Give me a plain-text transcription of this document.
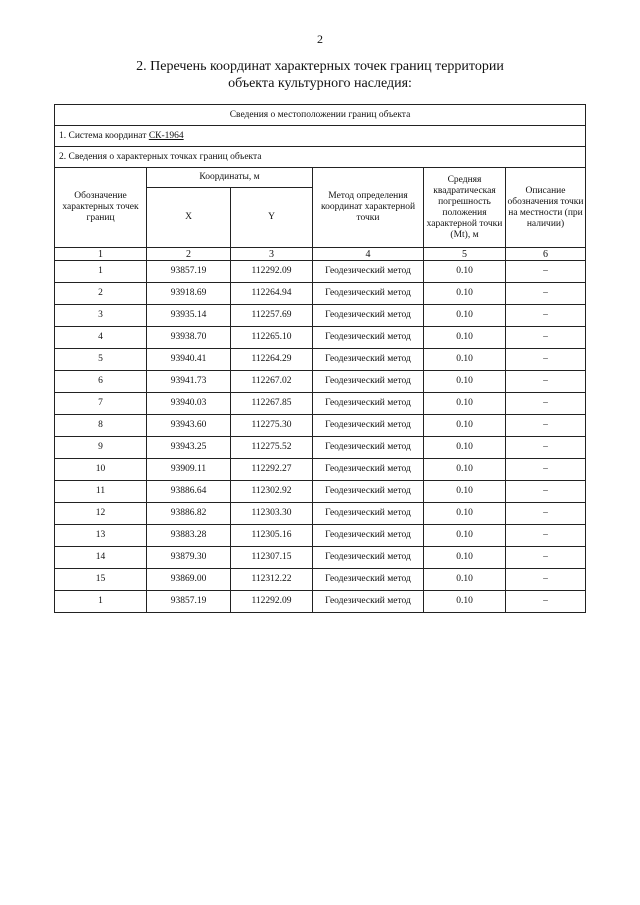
2
2. Перечень координат характерных точек границ территории
объекта культурного наследия:
Сведения о местоположении границ объекта					
1. Система координат СК-1964					
2. Сведения о характерных точках границ объекта					
Обозначение характерных точек границ	Координаты, м		Метод определения координат характерной точки	Средняя квадратическая погрешность положения характерной точки (Mt), м	Описание обозначения точки на местности (при наличии)
	X	Y			
1	2	3	4	5	6
1	93857.19	112292.09	Геодезический метод	0.10	–
2	93918.69	112264.94	Геодезический метод	0.10	–
3	93935.14	112257.69	Геодезический метод	0.10	–
4	93938.70	112265.10	Геодезический метод	0.10	–
5	93940.41	112264.29	Геодезический метод	0.10	–
6	93941.73	112267.02	Геодезический метод	0.10	–
7	93940.03	112267.85	Геодезический метод	0.10	–
8	93943.60	112275.30	Геодезический метод	0.10	–
9	93943.25	112275.52	Геодезический метод	0.10	–
10	93909.11	112292.27	Геодезический метод	0.10	–
11	93886.64	112302.92	Геодезический метод	0.10	–
12	93886.82	112303.30	Геодезический метод	0.10	–
13	93883.28	112305.16	Геодезический метод	0.10	–
14	93879.30	112307.15	Геодезический метод	0.10	–
15	93869.00	112312.22	Геодезический метод	0.10	–
1	93857.19	112292.09	Геодезический метод	0.10	–
